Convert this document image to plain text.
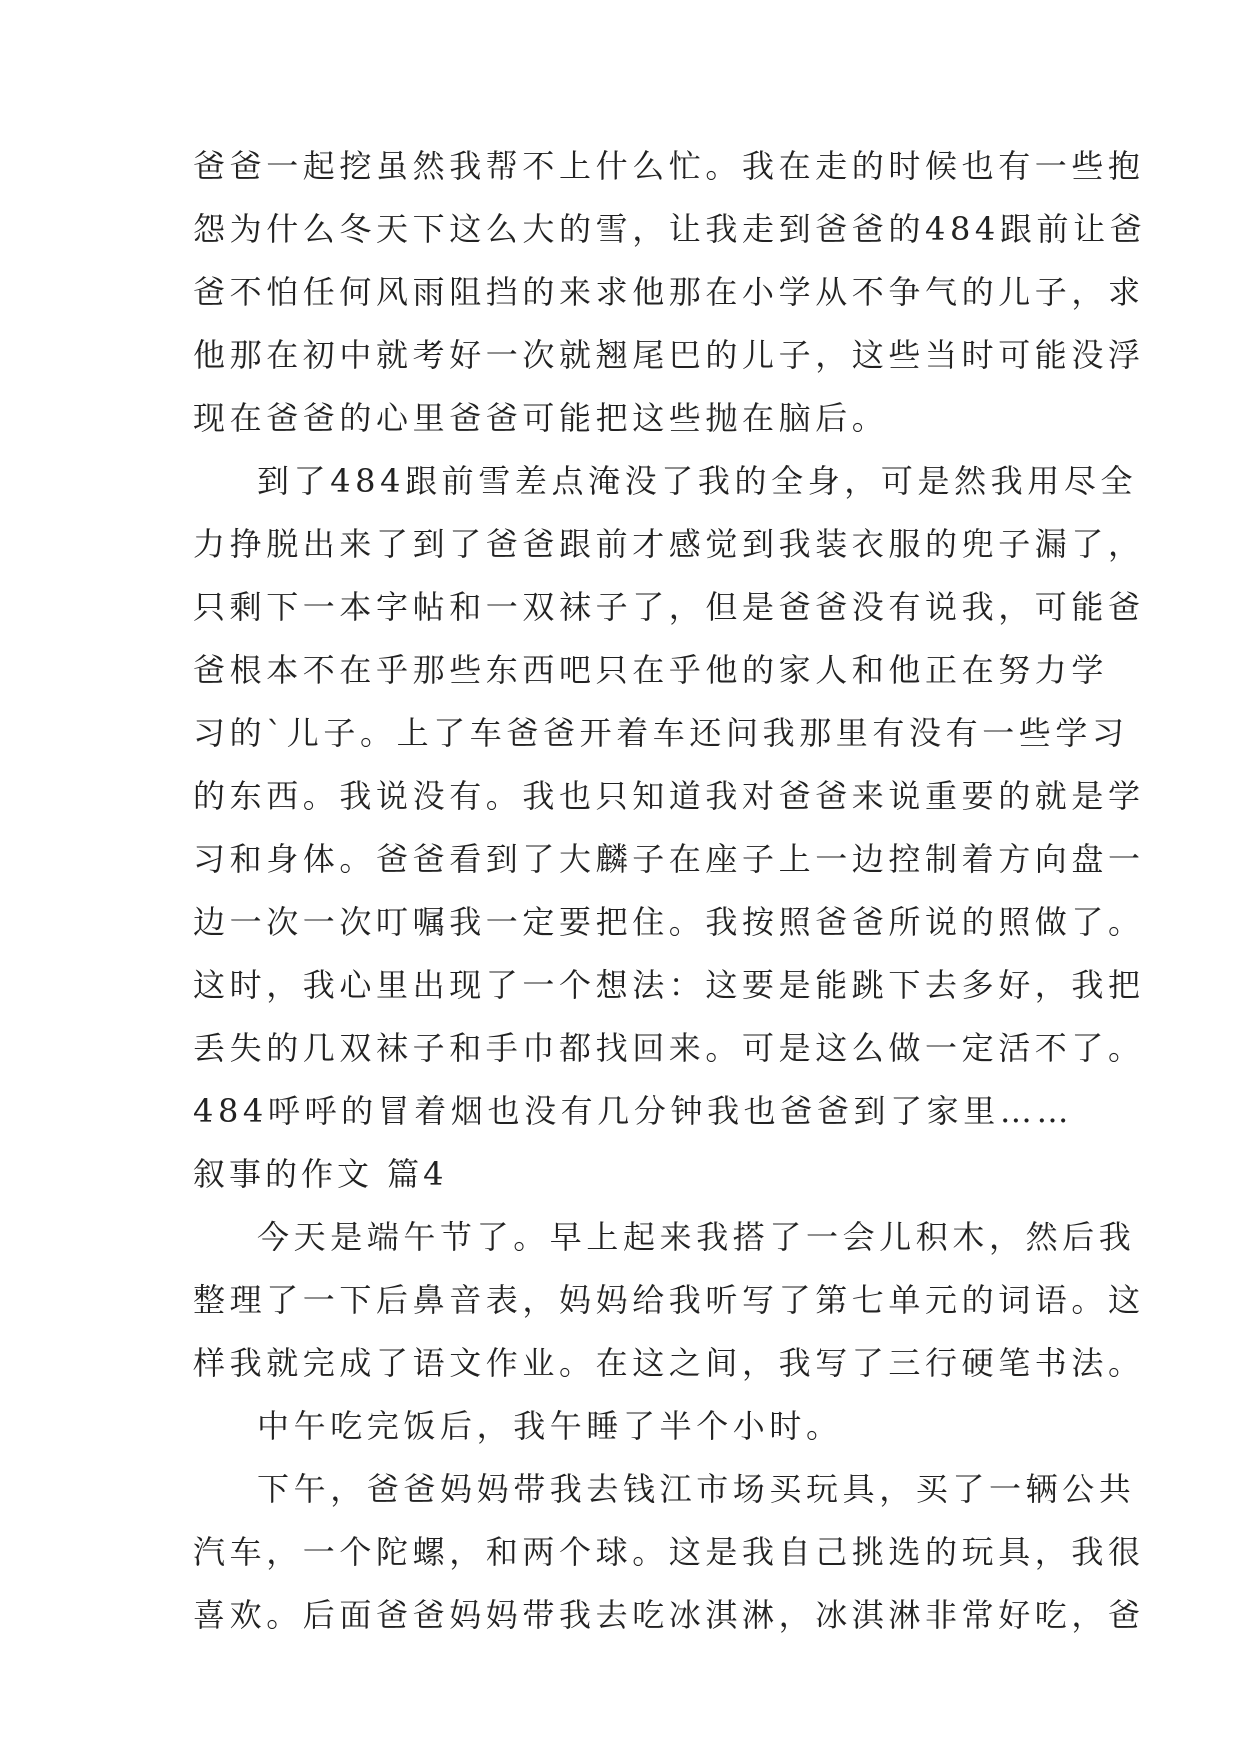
爸爸一起挖虽然我帮不上什么忙。我在走的时候也有一些抱
怨为什么冬天下这么大的雪，让我走到爸爸的484跟前让爸
爸不怕任何风雨阻挡的来求他那在小学从不争气的儿子，求
他那在初中就考好一次就翘尾巴的儿子，这些当时可能没浮
现在爸爸的心里爸爸可能把这些抛在脑后。
到了484跟前雪差点淹没了我的全身，可是然我用尽全
力挣脱出来了到了爸爸跟前才感觉到我装衣服的兜子漏了，
只剩下一本字帖和一双袜子了，但是爸爸没有说我，可能爸
爸根本不在乎那些东西吧只在乎他的家人和他正在努力学
习的`儿子。上了车爸爸开着车还问我那里有没有一些学习
的东西。我说没有。我也只知道我对爸爸来说重要的就是学
习和身体。爸爸看到了大麟子在座子上一边控制着方向盘一
边一次一次叮嘱我一定要把住。我按照爸爸所说的照做了。
这时，我心里出现了一个想法：这要是能跳下去多好，我把
丢失的几双袜子和手巾都找回来。可是这么做一定活不了。
484呼呼的冒着烟也没有几分钟我也爸爸到了家里……
叙事的作文 篇4
今天是端午节了。早上起来我搭了一会儿积木，然后我
整理了一下后鼻音表，妈妈给我听写了第七单元的词语。这
样我就完成了语文作业。在这之间，我写了三行硬笔书法。
中午吃完饭后，我午睡了半个小时。
下午，爸爸妈妈带我去钱江市场买玩具，买了一辆公共
汽车，一个陀螺，和两个球。这是我自己挑选的玩具，我很
喜欢。后面爸爸妈妈带我去吃冰淇淋，冰淇淋非常好吃，爸
